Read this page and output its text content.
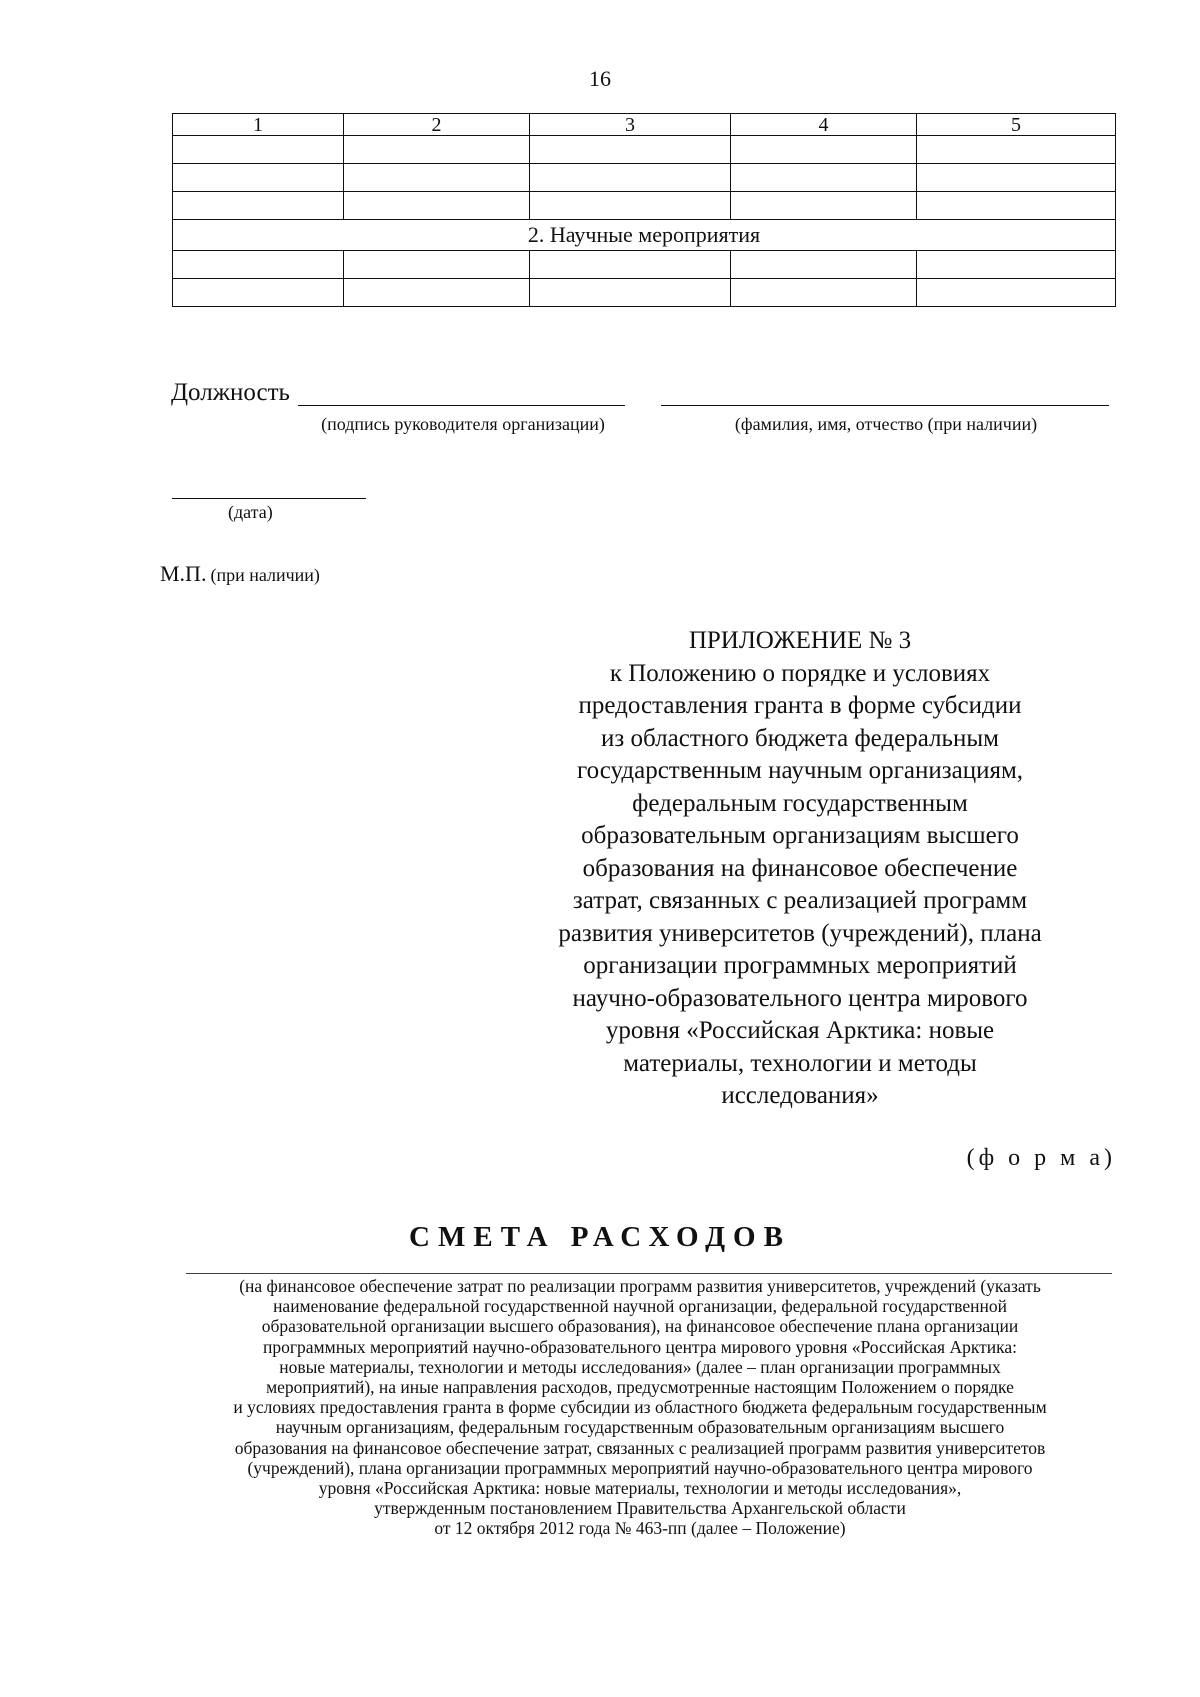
16
1	2	3	4	5

2. Научные мероприятия				

Должность
(подпись руководителя организации)	(фамилия, имя, отчество (при наличии)
(дата)
М.П. (при наличии)
ПРИЛОЖЕНИЕ № 3
к Положению о порядке и условиях
предоставления гранта в форме субсидии
из областного бюджета федеральным
государственным научным организациям,
федеральным государственным
образовательным организациям высшего
образования на финансовое обеспечение
затрат, связанных с реализацией программ
развития университетов (учреждений), плана
организации программных мероприятий
научно-образовательного центра мирового
уровня «Российская Арктика: новые
материалы, технологии и методы
исследования»
(ф о р м а)
СМЕТА РАСХОДОВ
(на финансовое обеспечение затрат по реализации программ развития университетов, учреждений (указать
наименование федеральной государственной научной организации, федеральной государственной
образовательной организации высшего образования), на финансовое обеспечение плана организации
программных мероприятий научно-образовательного центра мирового уровня «Российская Арктика:
новые материалы, технологии и методы исследования» (далее – план организации программных
мероприятий), на иные направления расходов, предусмотренные настоящим Положением о порядке
и условиях предоставления гранта в форме субсидии из областного бюджета федеральным государственным
научным организациям, федеральным государственным образовательным организациям высшего
образования на финансовое обеспечение затрат, связанных с реализацией программ развития университетов
(учреждений), плана организации программных мероприятий научно-образовательного центра мирового
уровня «Российская Арктика: новые материалы, технологии и методы исследования»,
утвержденным постановлением Правительства Архангельской области
от 12 октября 2012 года № 463-пп (далее – Положение)
